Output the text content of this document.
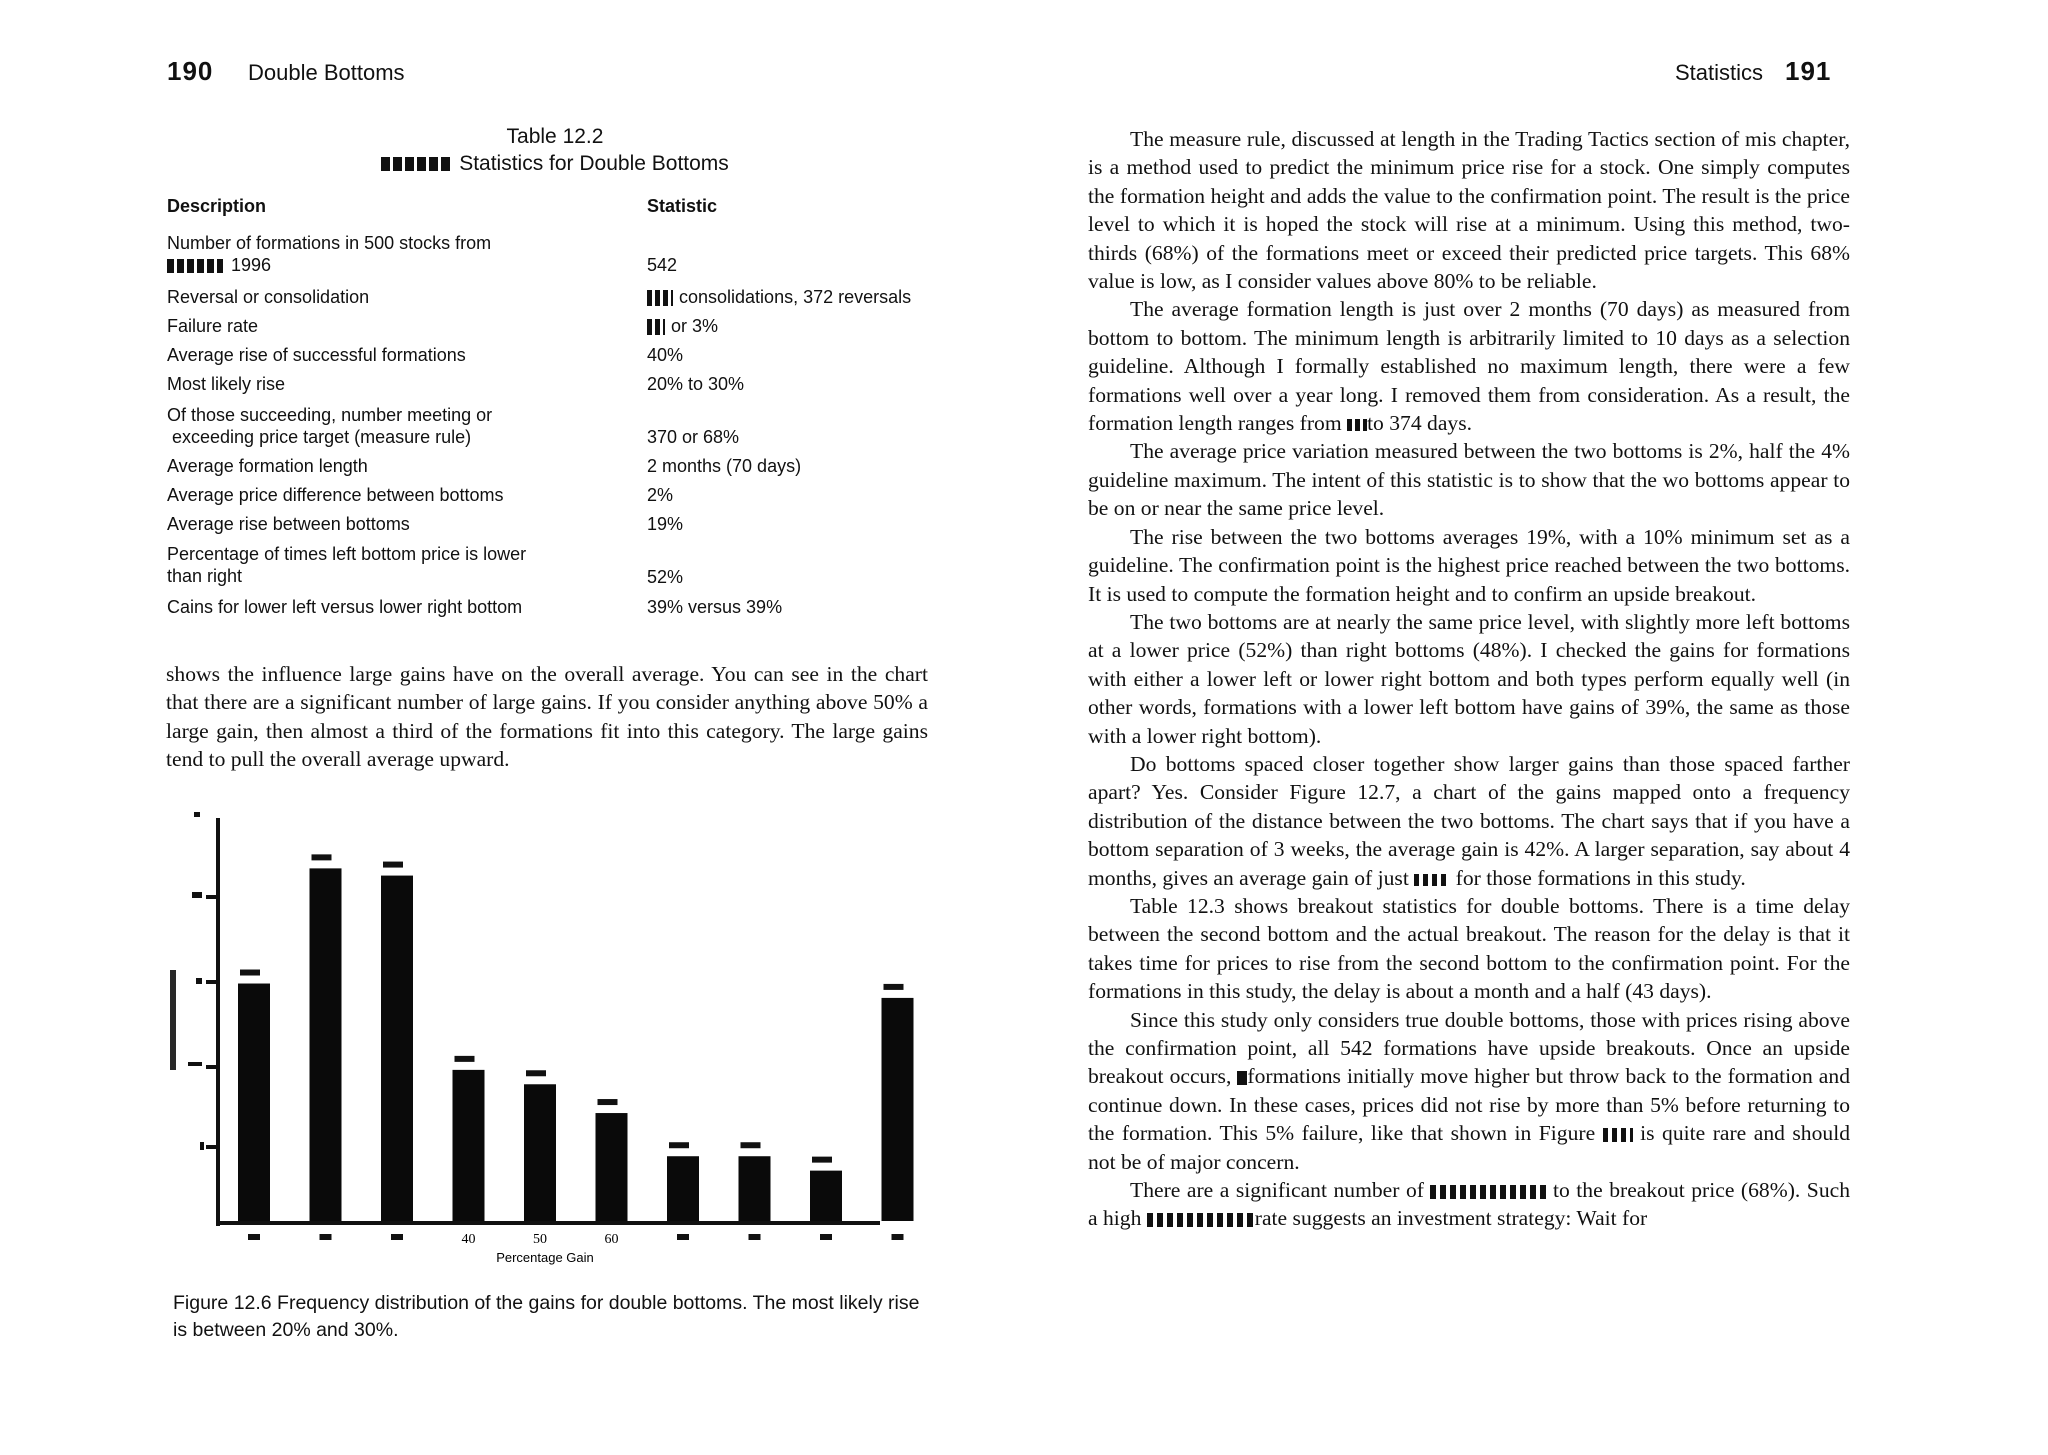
190 Double Bottoms
Table 12.2
Statistics for Double Bottoms
Description	Statistic
Number of formations in 500 stocks from
1996	542
Reversal or consolidation	consolidations, 372 reversals
Failure rate	or 3%
Average rise of successful formations	40%
Most likely rise	20% to 30%
Of those succeeding, number meeting or
exceeding price target (measure rule)	370 or 68%
Average formation length	2 months (70 days)
Average price difference between bottoms	2%
Average rise between bottoms	19%
Percentage of times left bottom price is lower
than right	52%
Cains for lower left versus lower right bottom	39% versus 39%

shows the influence large gains have on the overall average. You can see in the chart that there are a significant number of large gains. If you consider anything above 50% a large gain, then almost a third of the formations fit into this category. The large gains tend to pull the overall average upward.

40	50	60
Percentage Gain
Figure 12.6 Frequency distribution of the gains for double bottoms. The most likely rise is between 20% and 30%.
Statistics 191

The measure rule, discussed at length in the Trading Tactics section of mis chapter, is a method used to predict the minimum price rise for a stock. One simply computes the formation height and adds the value to the confirmation point. The result is the price level to which it is hoped the stock will rise at a minimum. Using this method, two-thirds (68%) of the formations meet or exceed their predicted price targets. This 68% value is low, as I consider values above 80% to be reliable.

The average formation length is just over 2 months (70 days) as measured from bottom to bottom. The minimum length is arbitrarily limited to 10 days as a selection guideline. Although I formally established no maximum length, there were a few formations well over a year long. I removed them from consideration. As a result, the formation length ranges from to 374 days.

The average price variation measured between the two bottoms is 2%, half the 4% guideline maximum. The intent of this statistic is to show that the wo bottoms appear to be on or near the same price level.

The rise between the two bottoms averages 19%, with a 10% minimum set as a guideline. The confirmation point is the highest price reached between the two bottoms. It is used to compute the formation height and to confirm an upside breakout.

The two bottoms are at nearly the same price level, with slightly more left bottoms at a lower price (52%) than right bottoms (48%). I checked the gains for formations with either a lower left or lower right bottom and both types perform equally well (in other words, formations with a lower left bottom have gains of 39%, the same as those with a lower right bottom).

Do bottoms spaced closer together show larger gains than those spaced farther apart? Yes. Consider Figure 12.7, a chart of the gains mapped onto a frequency distribution of the distance between the two bottoms. The chart says that if you have a bottom separation of 3 weeks, the average gain is 42%. A larger separation, say about 4 months, gives an average gain of just for those formations in this study.

Table 12.3 shows breakout statistics for double bottoms. There is a time delay between the second bottom and the actual breakout. The reason for the delay is that it takes time for prices to rise from the second bottom to the confirmation point. For the formations in this study, the delay is about a month and a half (43 days).

Since this study only considers true double bottoms, those with prices rising above the confirmation point, all 542 formations have upside breakouts. Once an upside breakout occurs, formations initially move higher but throw back to the formation and continue down. In these cases, prices did not rise by more than 5% before returning to the formation. This 5% failure, like that shown in Figure is quite rare and should not be of major concern.

There are a significant number of	to the breakout price (68%). Such a high	rate suggests an investment strategy: Wait for
